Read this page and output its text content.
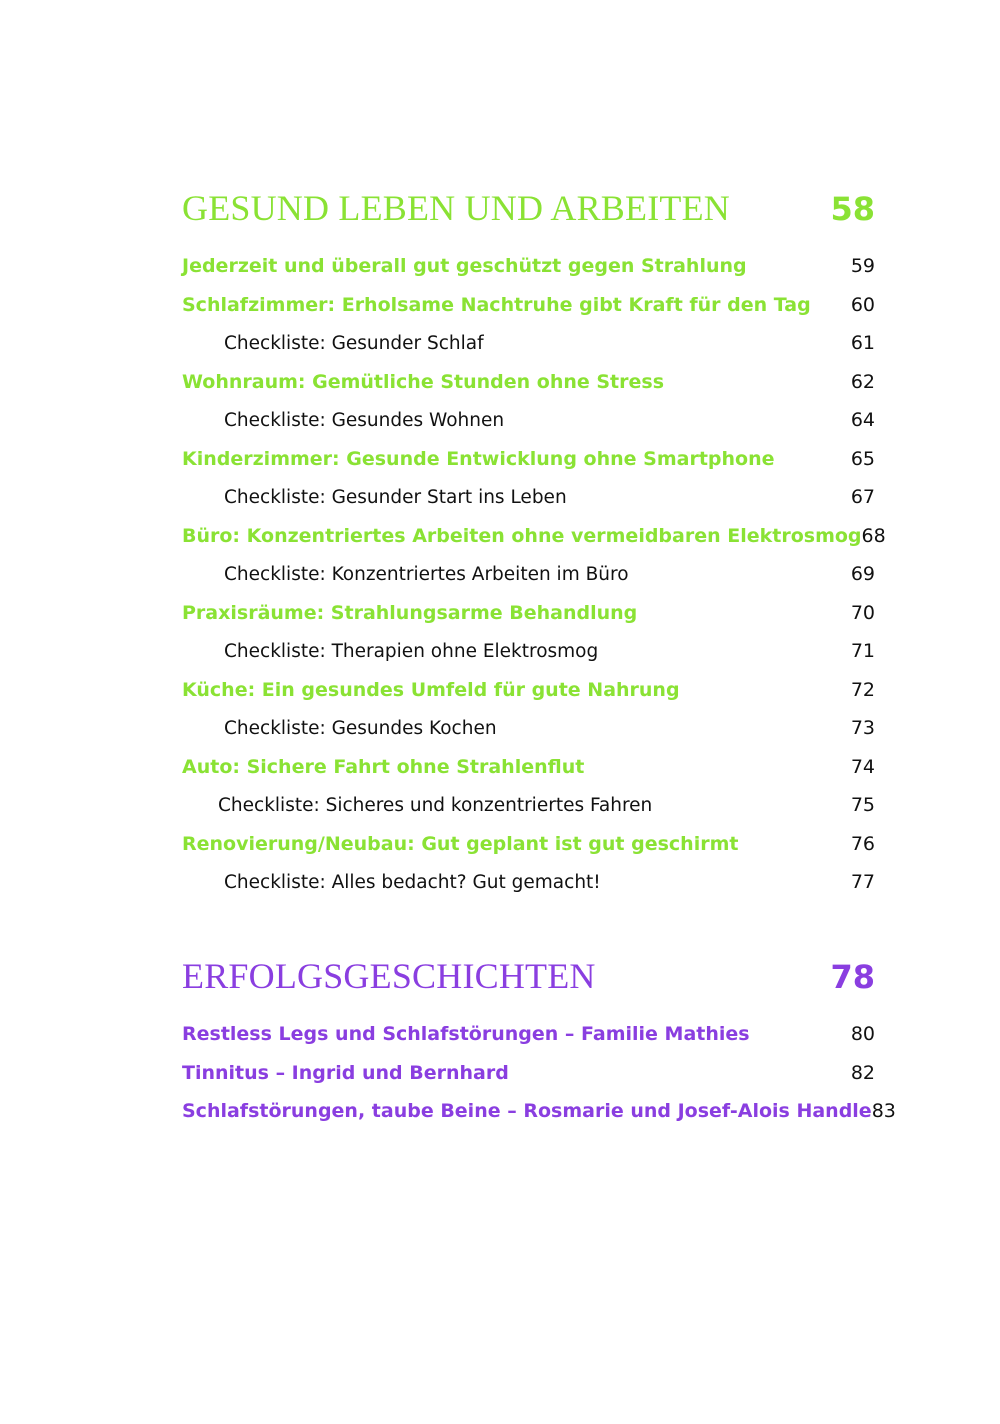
GESUND LEBEN UND ARBEITEN	58
Jederzeit und überall gut geschützt gegen Strahlung	59
Schlafzimmer: Erholsame Nachtruhe gibt Kraft für den Tag 60
Checkliste: Gesunder Schlaf	61
Wohnraum: Gemütliche Stunden ohne Stress	62
Checkliste: Gesundes Wohnen	64
Kinderzimmer: Gesunde Entwicklung ohne Smartphone	65
Checkliste: Gesunder Start ins Leben	67
Büro: Konzentriertes Arbeiten ohne vermeidbaren Elektrosmog 68
Checkliste: Konzentriertes Arbeiten im Büro	69
Praxisräume: Strahlungsarme Behandlung	70
Checkliste: Therapien ohne Elektrosmog	71
Küche: Ein gesundes Umfeld für gute Nahrung	72
Checkliste: Gesundes Kochen	73
Auto: Sichere Fahrt ohne Strahlenflut	74
Checkliste: Sicheres und konzentriertes Fahren	75
Renovierung/Neubau: Gut geplant ist gut geschirmt	76
Checkliste: Alles bedacht? Gut gemacht!	77
ERFOLGSGESCHICHTEN	78
Restless Legs und Schlafstörungen – Familie Mathies	80
Tinnitus – Ingrid und Bernhard	82
Schlafstörungen, taube Beine – Rosmarie und Josef-Alois Handle 83
